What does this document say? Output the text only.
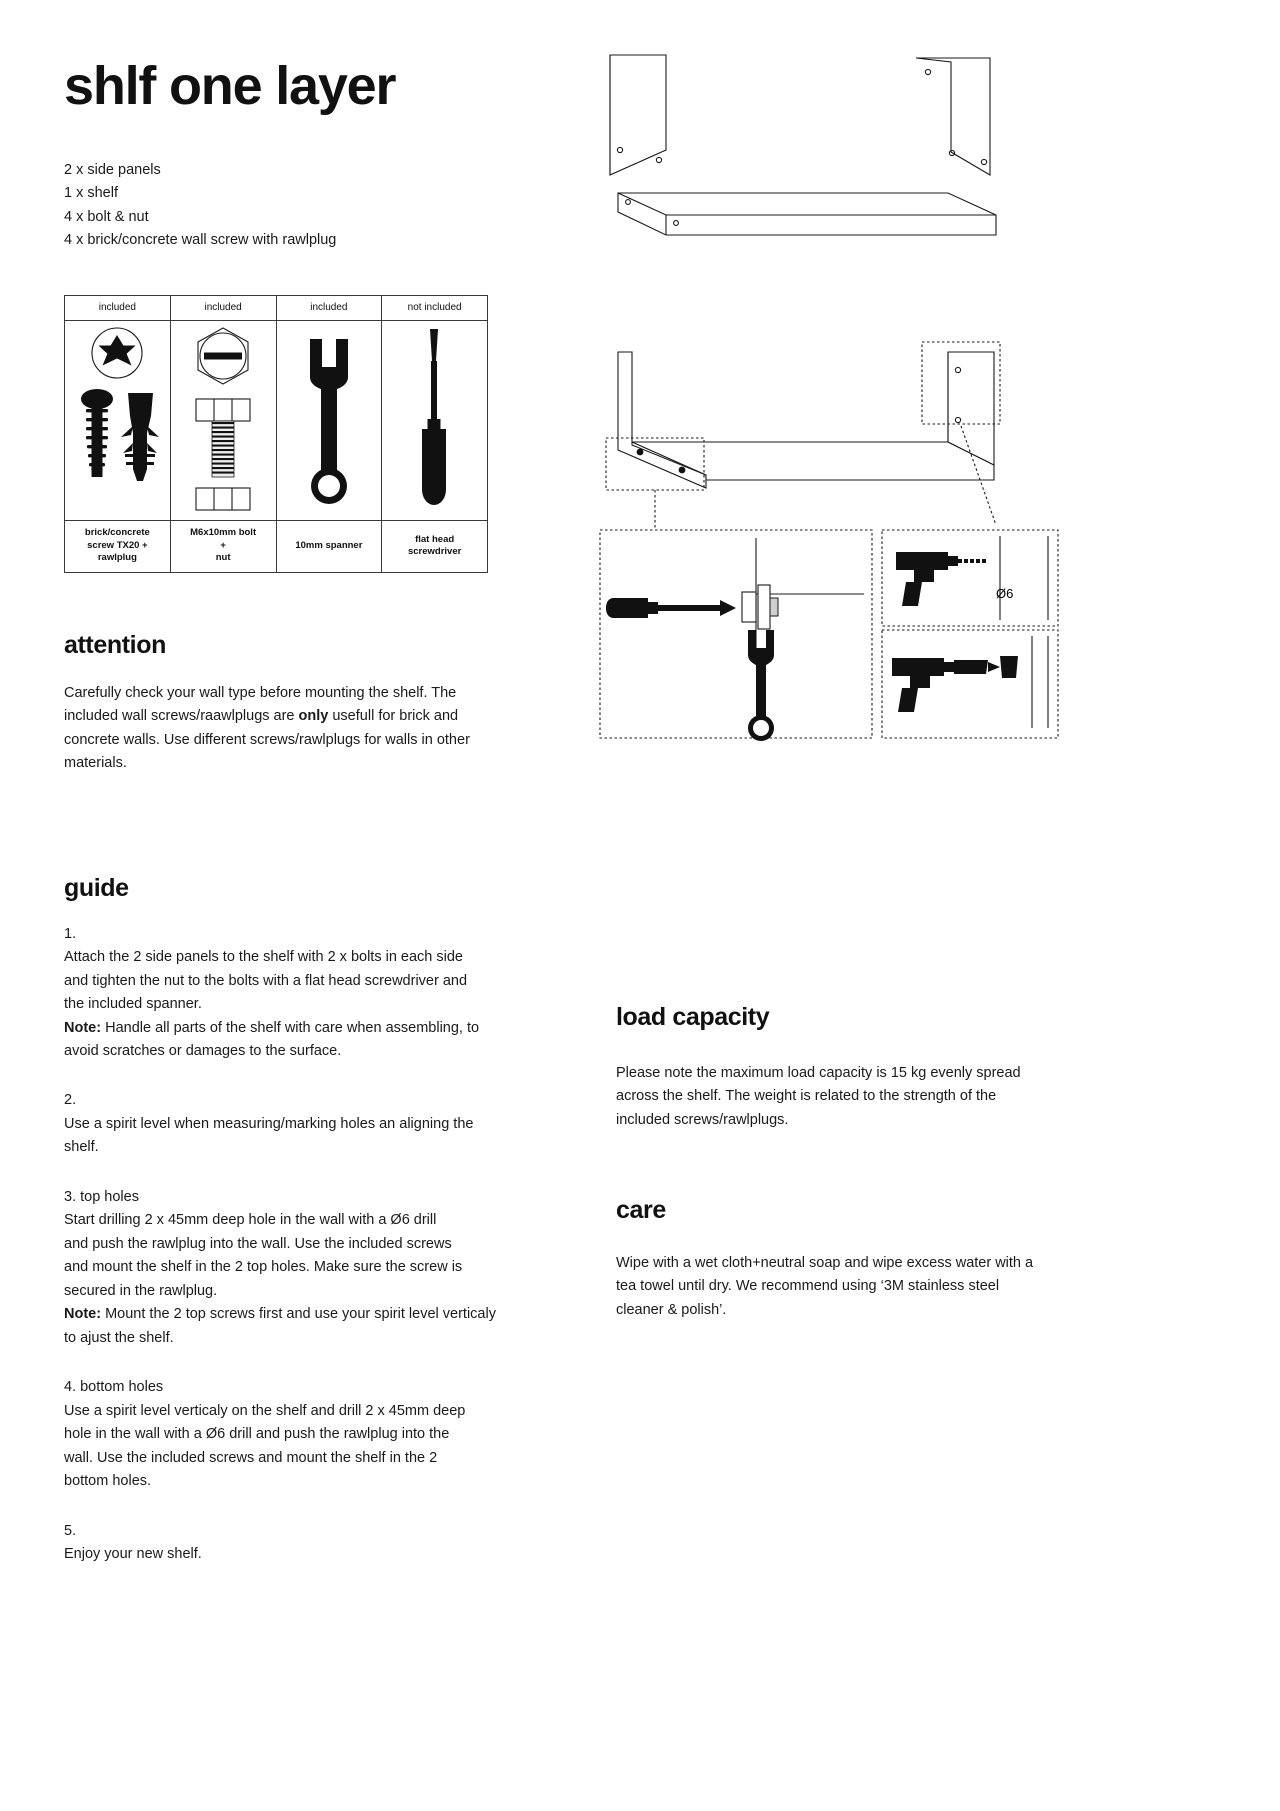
shlf one layer
2 x side panels
1 x shelf
4 x bolt & nut
4 x brick/concrete wall screw with rawlplug
included	included	included	not included

brick/concrete
screw TX20 +
rawlplug	M6x10mm bolt
+
nut	10mm spanner	flat head
screwdriver
attention

Carefully check your wall type before mounting the shelf. The included wall screws/raawlplugs are only usefull for brick and concrete walls. Use different screws/rawlplugs for walls in other materials.

guide
1.
Attach the 2 side panels to the shelf with 2 x bolts in each side
and tighten the nut to the bolts with a flat head screwdriver and
the included spanner.
Note: Handle all parts of the shelf with care when assembling, to avoid scratches or damages to the surface.
2.
Use a spirit level when measuring/marking holes an aligning the
shelf.
3. top holes
Start drilling 2 x 45mm deep hole in the wall with a Ø6 drill
and push the rawlplug into the wall. Use the included screws
and mount the shelf in the 2 top holes. Make sure the screw is
secured in the rawlplug.
Note: Mount the 2 top screws first and use your spirit level verticaly to ajust the shelf.
4. bottom holes
Use a spirit level verticaly on the shelf and drill 2 x 45mm deep
hole in the wall with a Ø6 drill and push the rawlplug into the
wall. Use the included screws and mount the shelf in the 2
bottom holes.
5.
Enjoy your new shelf.
Ø6
load capacity

Please note the maximum load capacity is 15 kg evenly spread across the shelf. The weight is related to the strength of the included screws/rawlplugs.

care

Wipe with a wet cloth+neutral soap and wipe excess water with a tea towel until dry. We recommend using ‘3M stainless steel cleaner & polish’.
